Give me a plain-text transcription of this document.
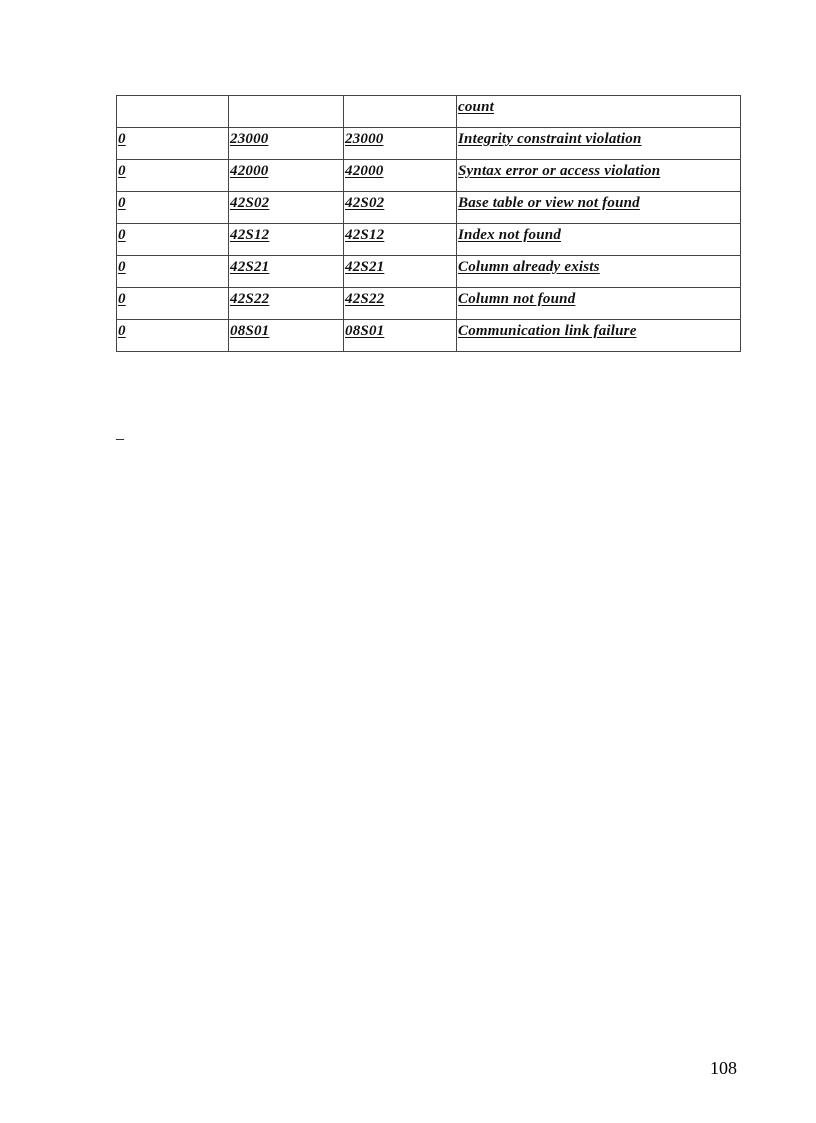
			count
0	23000	23000	Integrity constraint violation
0	42000	42000	Syntax error or access violation
0	42S02	42S02	Base table or view not found
0	42S12	42S12	Index not found
0	42S21	42S21	Column already exists
0	42S22	42S22	Column not found
0	08S01	08S01	Communication link failure
_
108
